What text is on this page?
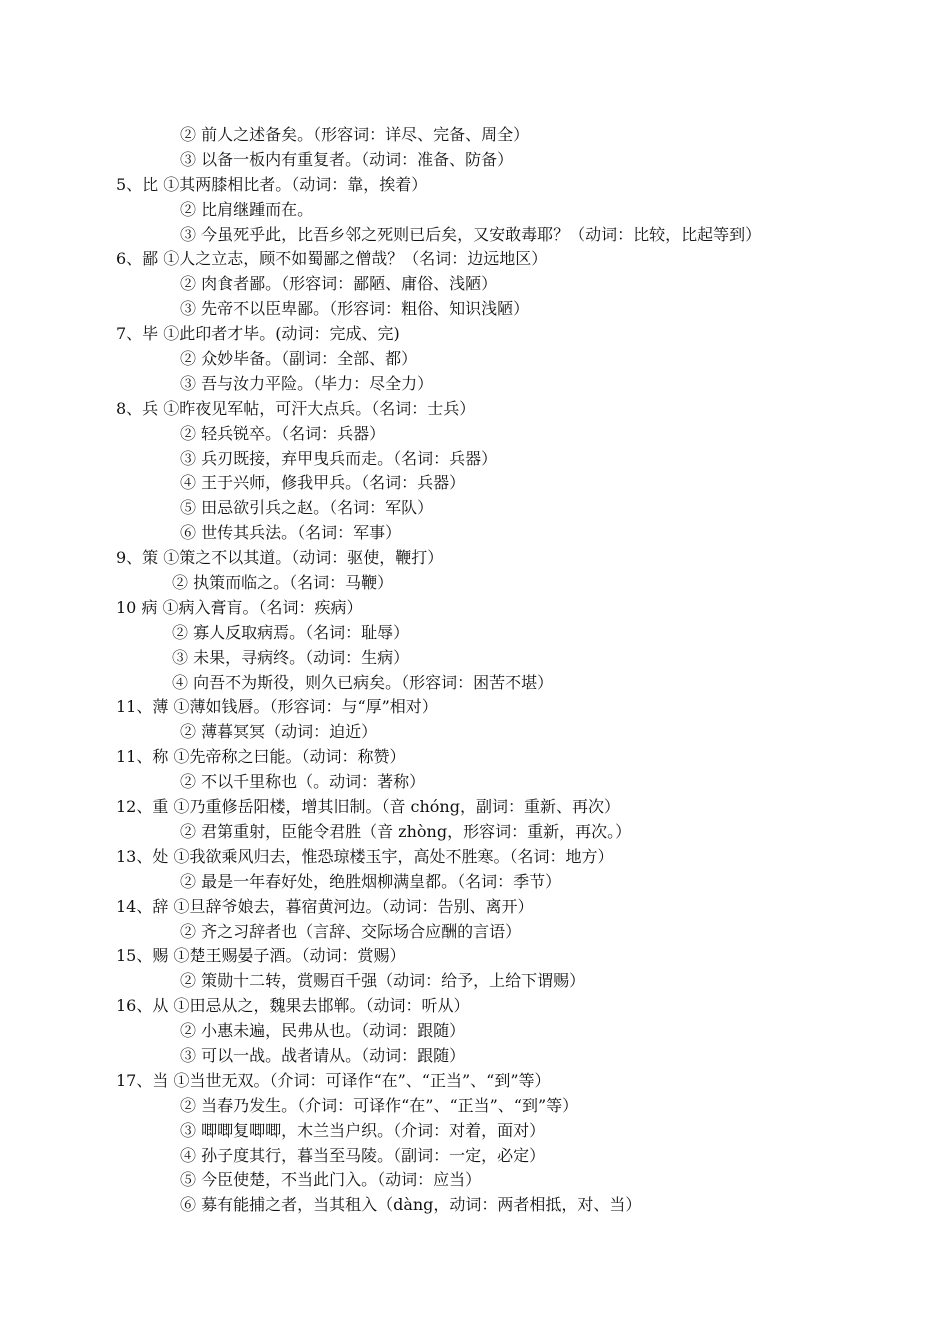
② 前人之述备矣。（形容词：详尽、完备、周全）
③ 以备一板内有重复者。（动词：准备、防备）
5、比 ①其两膝相比者。（动词：靠，挨着）
② 比肩继踵而在。
③ 今虽死乎此，比吾乡邻之死则已后矣，又安敢毒耶？（动词：比较，比起等到）
6、鄙 ①人之立志，顾不如蜀鄙之僧哉？（名词：边远地区）
② 肉食者鄙。（形容词：鄙陋、庸俗、浅陋）
③ 先帝不以臣卑鄙。（形容词：粗俗、知识浅陋）
7、毕 ①此印者才毕。(动词：完成、完)
② 众妙毕备。（副词：全部、都）
③ 吾与汝力平险。（毕力：尽全力）
8、兵 ①昨夜见军帖，可汗大点兵。（名词：士兵）
② 轻兵锐卒。（名词：兵器）
③ 兵刃既接，弃甲曳兵而走。（名词：兵器）
④ 王于兴师，修我甲兵。（名词：兵器）
⑤ 田忌欲引兵之赵。（名词：军队）
⑥ 世传其兵法。（名词：军事）
9、策 ①策之不以其道。（动词：驱使，鞭打）
② 执策而临之。（名词：马鞭）
10 病 ①病入膏肓。（名词：疾病）
② 寡人反取病焉。（名词：耻辱）
③ 未果，寻病终。（动词：生病）
④ 向吾不为斯役，则久已病矣。（形容词：困苦不堪）
11、薄 ①薄如钱唇。（形容词：与“厚”相对）
② 薄暮冥冥（动词：迫近）
11、称 ①先帝称之曰能。（动词：称赞）
② 不以千里称也（。动词：著称）
12、重 ①乃重修岳阳楼，增其旧制。（音 chóng，副词：重新、再次）
② 君第重射，臣能令君胜（音 zhòng，形容词：重新，再次。）
13、处 ①我欲乘风归去，惟恐琼楼玉宇，高处不胜寒。（名词：地方）
② 最是一年春好处，绝胜烟柳满皇都。（名词：季节）
14、辞 ①旦辞爷娘去，暮宿黄河边。（动词：告别、离开）
② 齐之习辞者也（言辞、交际场合应酬的言语）
15、赐 ①楚王赐晏子酒。（动词：赏赐）
② 策勋十二转，赏赐百千强（动词：给予，上给下谓赐）
16、从 ①田忌从之，魏果去邯郸。（动词：听从）
② 小惠未遍，民弗从也。（动词：跟随）
③ 可以一战。战者请从。（动词：跟随）
17、当 ①当世无双。（介词：可译作“在”、“正当”、“到”等）
② 当春乃发生。（介词：可译作“在”、“正当”、“到”等）
③ 唧唧复唧唧，木兰当户织。（介词：对着，面对）
④ 孙子度其行，暮当至马陵。（副词：一定，必定）
⑤ 今臣使楚，不当此门入。（动词：应当）
⑥ 募有能捕之者，当其租入（dàng，动词：两者相抵，对、当）
